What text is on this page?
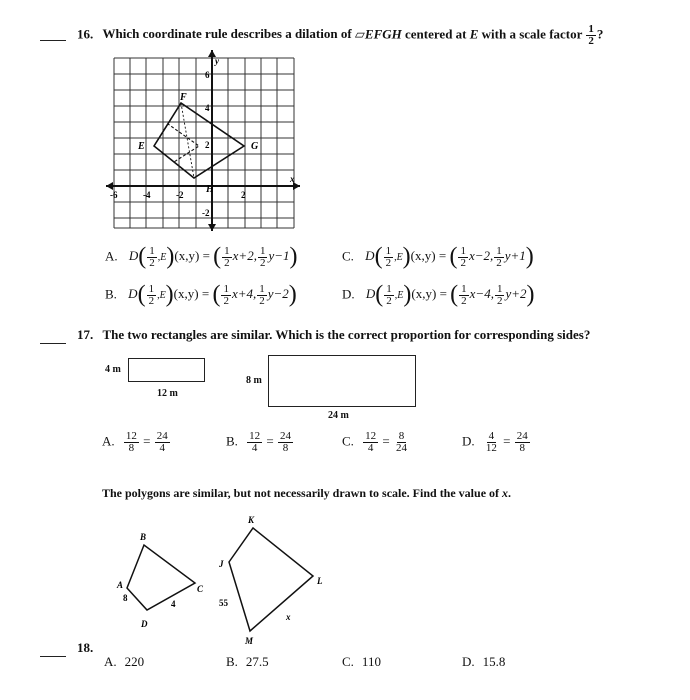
16. Which coordinate rule describes a dilation of ▱EFGH centered at E with a scale factor $\frac{1}{2}$ ?
y
x
-6	-4	-2	2
6
4
2
-2
E
F
G
H
A. $D( \frac{1}{2} ,E)(x,y)$ = ( $\frac{1}{2} x+2$, $\frac{1}{2} y-1$)
B. $D( \frac{1}{2} ,E)(x,y)$ = ( $\frac{1}{2} x+4$, $\frac{1}{2} y-2$)
C. $D( \frac{1}{2} ,E)(x,y)$ = ( $\frac{1}{2} x-2$, $\frac{1}{2} y+1$)
D. $D( \frac{1}{2} ,E)(x,y)$ = ( $\frac{1}{2} x-4$, $\frac{1}{2} y+2$)
17. The two rectangles are similar. Which is the correct proportion for corresponding sides?
4 m
12 m
8 m
24 m
A. $\frac{12}{8} = \frac{24}{4}$	B. $\frac{12}{4} = \frac{24}{8}$	C. $\frac{12}{4} = \frac{8}{24}$	D. $\frac{4}{12} = \frac{24}{8}$
The polygons are similar, but not necessarily drawn to scale. Find the value of x.
A
B
C
D
8
4
J
K
L
M
55
x
18.
A. 220	B. 27.5	C. 110	D. 15.8
